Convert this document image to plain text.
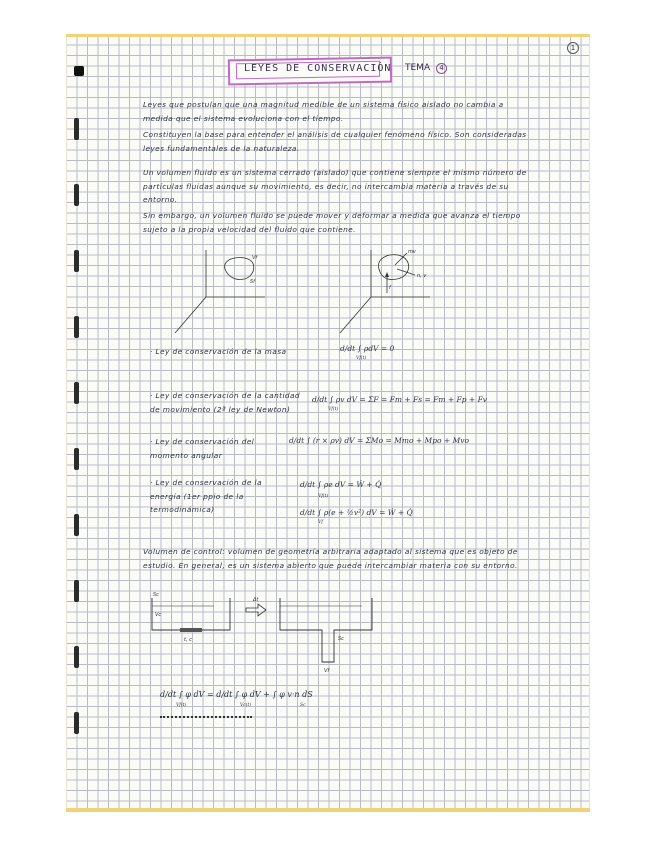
1
LEYES DE CONSERVACIÓN TEMA 4
Leyes que postulan que una magnitud medible de un sistema físico aislado no cambia a medida que el sistema evoluciona con el tiempo.
Constituyen la base para entender el análisis de cualquier fenómeno físico. Son consideradas leyes fundamentales de la naturaleza.
Un volumen fluido es un sistema cerrado (aislado) que contiene siempre el mismo número de partículas fluidas aunque su movimiento, es decir, no intercambia materia a través de su entorno.
Sin embargo, un volumen fluido se puede mover y deformar a medida que avanza el tiempo sujeto a la propia velocidad del fluido que contiene.
Vf
Sf
f
mv
n, v
· Ley de conservación de la masa	d/dt ∫ ρdV = 0
Vf(t)
· Ley de conservación de la cantidad de movimiento (2ª ley de Newton)
d/dt ∫ ρv dV = ΣF = Fm + Fs = Fm + Fp + Fv
Vf(t)
· Ley de conservación del momento angular
d/dt ∫ (r × ρv) dV = ΣMo = Mmo + Mpo + Mvo
· Ley de conservación de la energía (1er ppio de la termodinámica)
d/dt ∫ ρe dV = Ẇ + Q̇
Vf(t)
d/dt ∫ ρ(e + ½v²) dV = Ẇ + Q̇
Vf
Volumen de control: volumen de geometría arbitraria adaptado al sistema que es objeto de estudio. En general, es un sistema abierto que puede intercambiar materia con su entorno.
Sc
Vc
t, c
Δt
Sc
Vf
d/dt ∫ φ dV = d/dt ∫ φ dV + ∫ φ v·n dS
Vf(t)	Vc(t)	Sc
